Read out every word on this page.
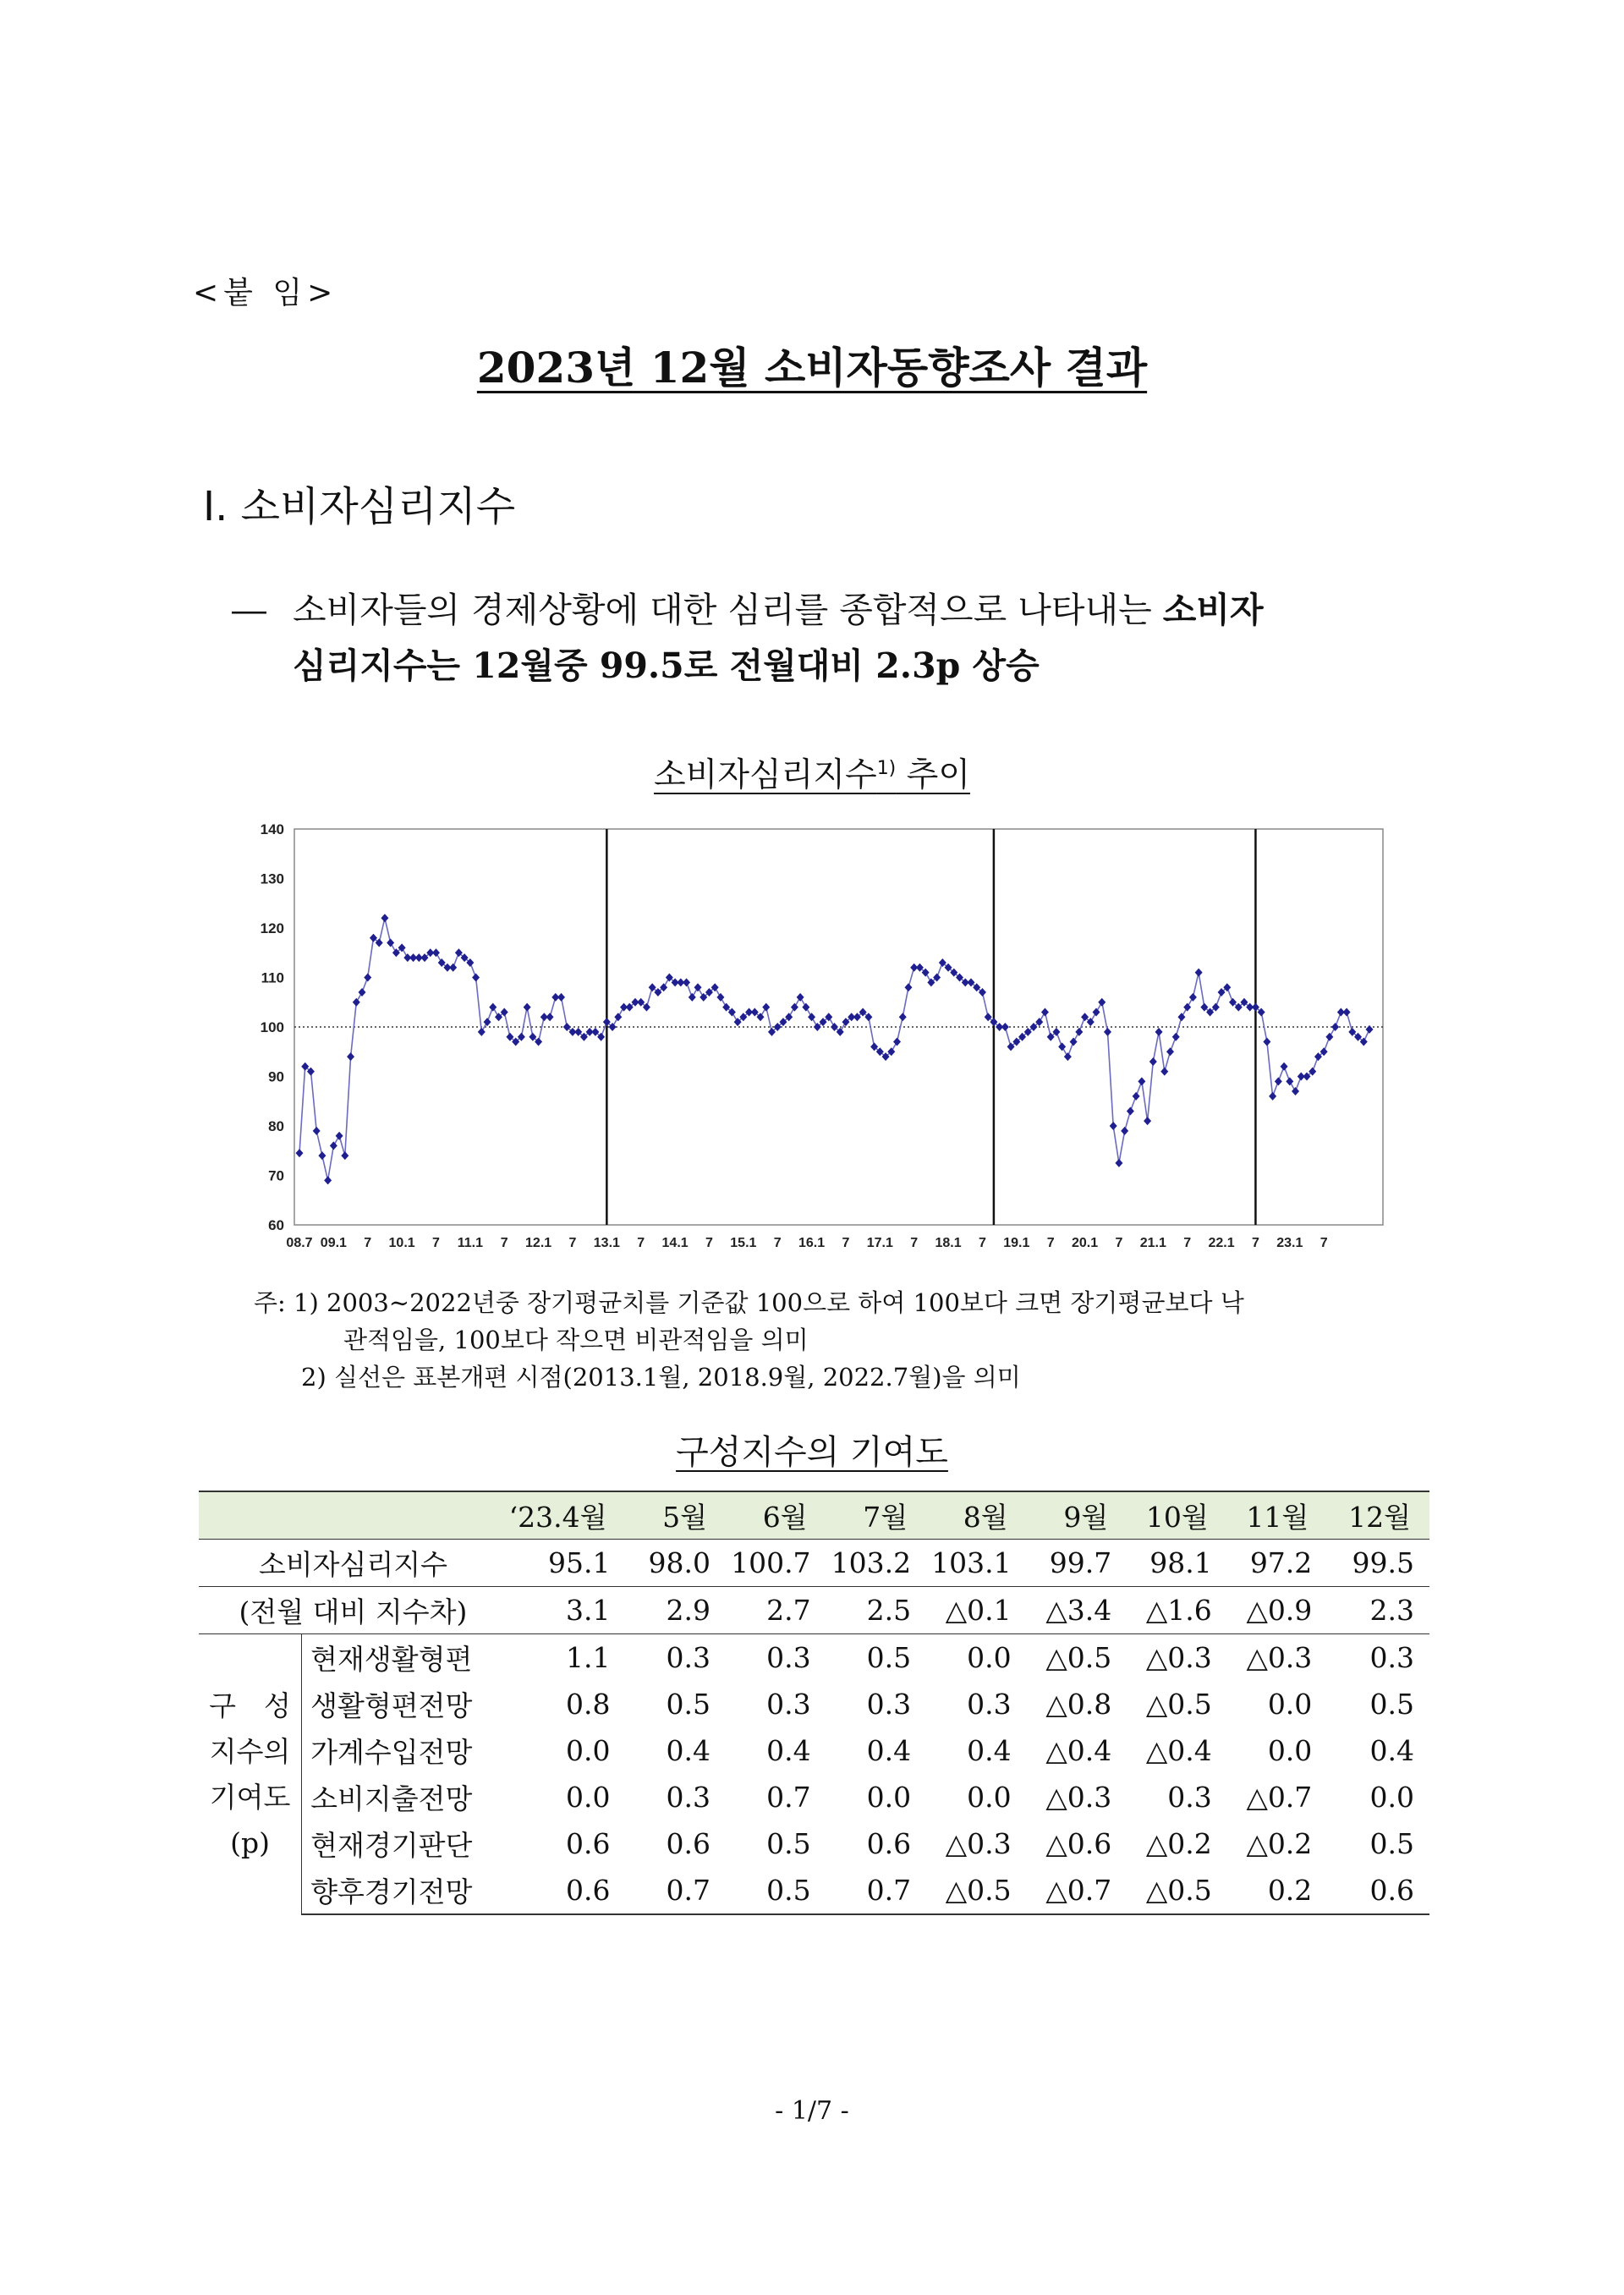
<붙 임>
2023년 12월 소비자동향조사 결과
Ⅰ. 소비자심리지수
― 소비자들의 경제상황에 대한 심리를 종합적으로 나타내는 소비자
심리지수는 12월중 99.5로 전월대비 2.3p 상승
소비자심리지수$^{1)}$ 추이
140
130
120
110
100
90
80
70
60
08.7 09.1 7 10.1 7 11.1 7 12.1 7 13.1 7 14.1 7 15.1 7 16.1 7 17.1 7 18.1 7 19.1 7 20.1 7 21.1 7 22.1 7 23.1 7
주: 1) 2003∼2022년중 장기평균치를 기준값 100으로 하여 100보다 크면 장기평균보다 낙
관적임을, 100보다 작으면 비관적임을 의미
2) 실선은 표본개편 시점(2013.1월, 2018.9월, 2022.7월)을 의미
구성지수의 기여도
		‘23.4월	5월	6월	7월	8월	9월	10월	11월	12월
소비자심리지수		95.1	98.0	100.7	103.2	103.1	99.7	98.1	97.2	99.5
(전월 대비 지수차)		3.1	2.9	2.7	2.5	△0.1	△3.4	△1.6	△0.9	2.3

구　성
지수의
기여도
(p)	현재생활형편	1.1	0.3	0.3	0.5	0.0	△0.5	△0.3	△0.3	0.3
	생활형편전망	0.8	0.5	0.3	0.3	0.3	△0.8	△0.5	0.0	0.5
	가계수입전망	0.0	0.4	0.4	0.4	0.4	△0.4	△0.4	0.0	0.4
	소비지출전망	0.0	0.3	0.7	0.0	0.0	△0.3	0.3	△0.7	0.0
	현재경기판단	0.6	0.6	0.5	0.6	△0.3	△0.6	△0.2	△0.2	0.5
	향후경기전망	0.6	0.7	0.5	0.7	△0.5	△0.7	△0.5	0.2	0.6
- 1/7 -
